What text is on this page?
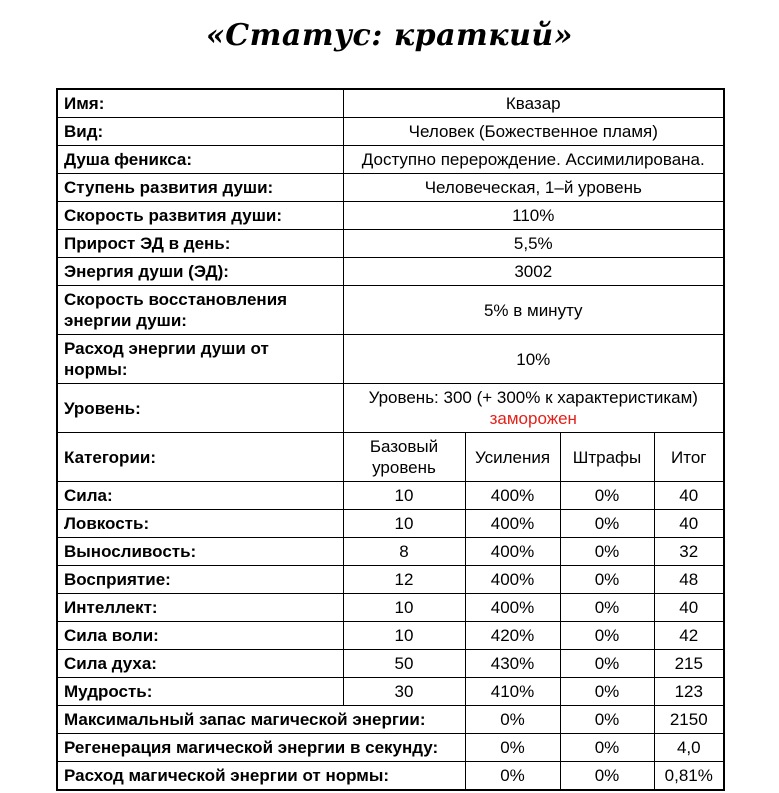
«Статус: краткий»
Имя:	Квазар			
Вид:	Человек (Божественное пламя)			
Душа феникса:	Доступно перерождение. Ассимилирована.			
Ступень развития души:	Человеческая, 1–й уровень			
Скорость развития души:	110%			
Прирост ЭД в день:	5,5%			
Энергия души (ЭД):	3002			
Скорость восстановления энергии души:	5% в минуту			
Расход энергии души от нормы:	10%			
Уровень:	Уровень: 300 (+ 300% к характеристикам)
заморожен			

Категории:	Базовый уровень	Усиления	Штрафы	Итог
Сила:	10	400%	0%	40
Ловкость:	10	400%	0%	40
Выносливость:	8	400%	0%	32
Восприятие:	12	400%	0%	48
Интеллект:	10	400%	0%	40
Сила воли:	10	420%	0%	42
Сила духа:	50	430%	0%	215
Мудрость:	30	410%	0%	123
Максимальный запас магической энергии:		0%	0%	2150
Регенерация магической энергии в секунду:		0%	0%	4,0
Расход магической энергии от нормы:		0%	0%	0,81%
